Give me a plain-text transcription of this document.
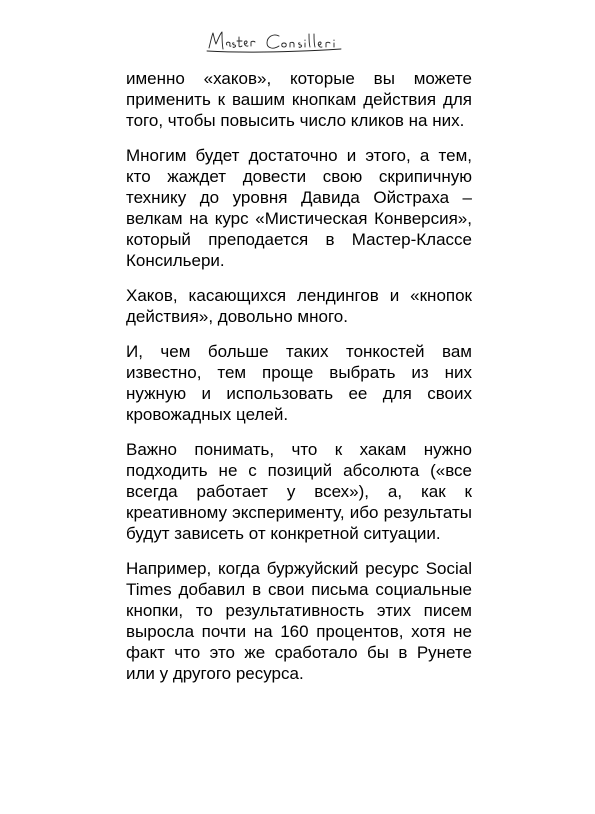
именно «хаков», которые вы можете применить к вашим кнопкам действия для того, чтобы повысить число кликов на них.

Многим будет достаточно и этого, а тем, кто жаждет довести свою скрипичную технику до уровня Давида Ойстраха – велкам на курс «Мистическая Конверсия», который преподается в Мастер-Классе Консильери.

Хаков, касающихся лендингов и «кнопок действия», довольно много.

И, чем больше таких тонкостей вам известно, тем проще выбрать из них нужную и использовать ее для своих кровожадных целей.

Важно понимать, что к хакам нужно подходить не с позиций абсолюта («все всегда работает у всех»), а, как к креативному эксперименту, ибо результаты будут зависеть от конкретной ситуации.

Например, когда буржуйский ресурс Social Times добавил в свои письма социальные кнопки, то результативность этих писем выросла почти на 160 процентов, хотя не факт что это же сработало бы в Рунете или у другого ресурса.
